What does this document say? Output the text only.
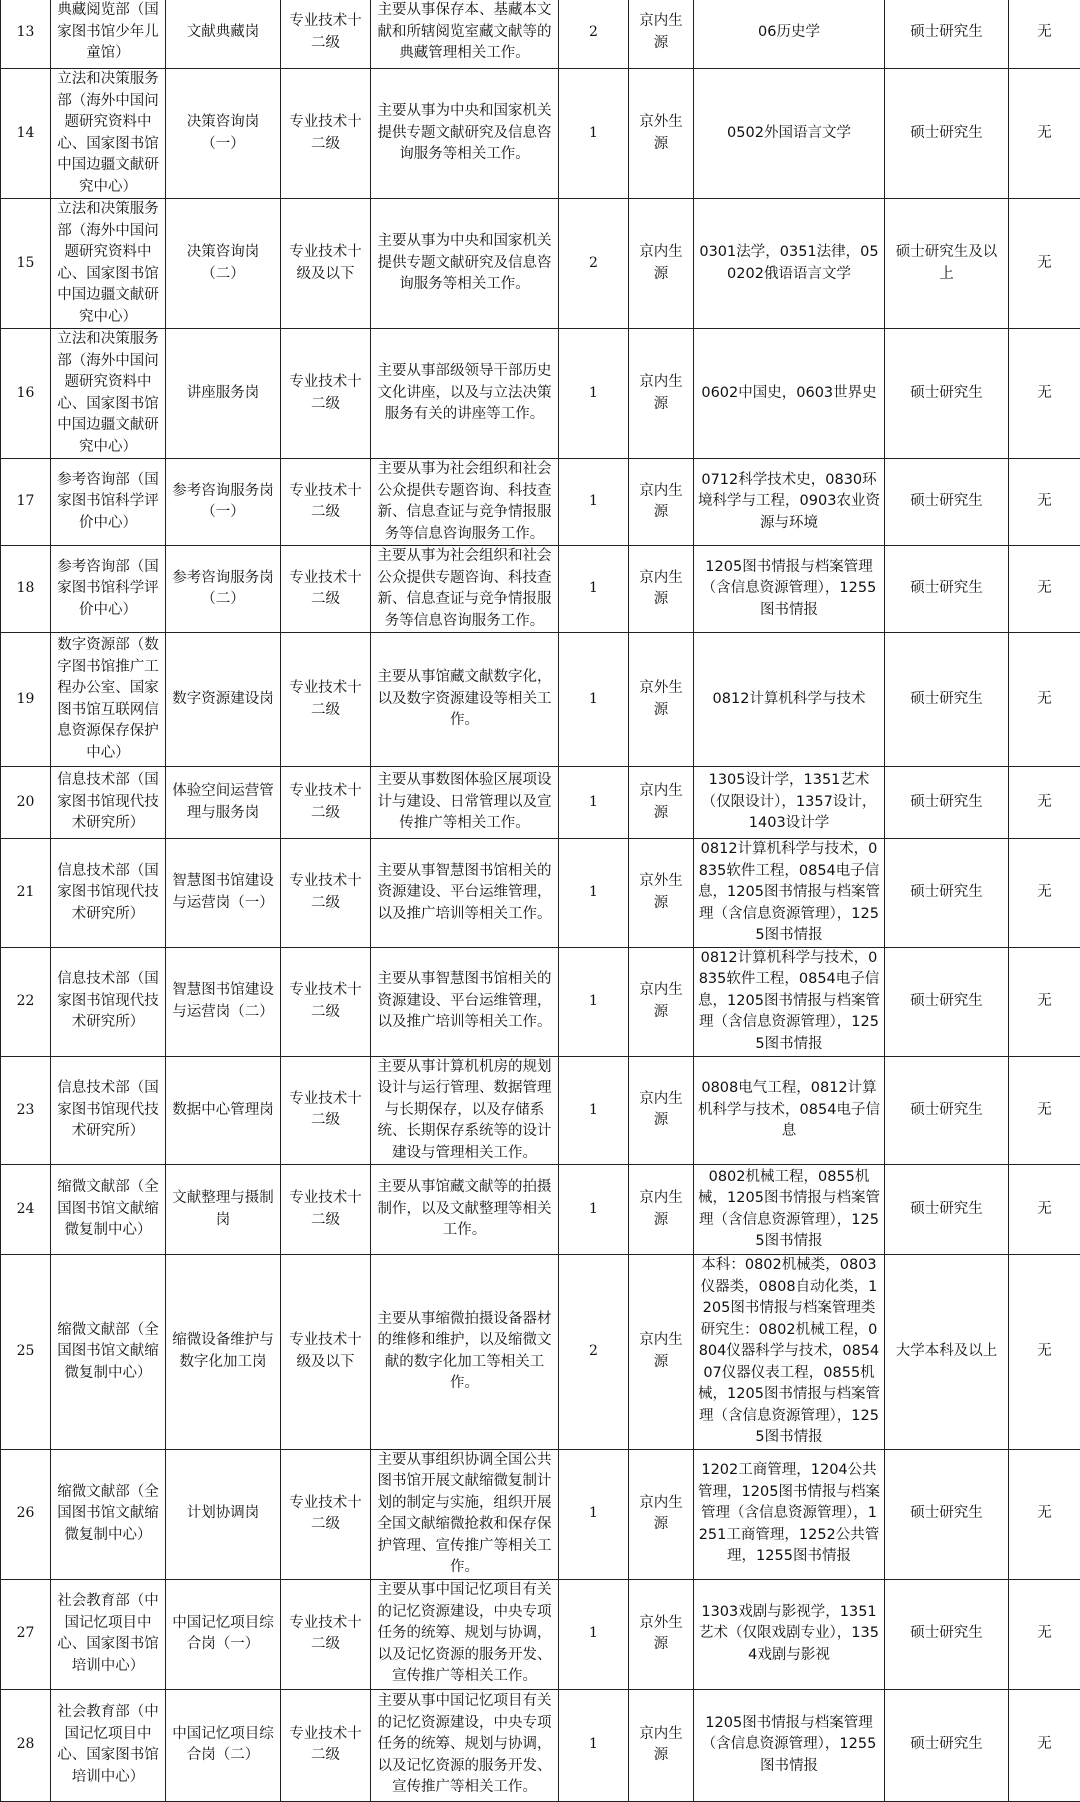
13	典藏阅览部（国家图书馆少年儿童馆）	文献典藏岗	专业技术十二级	主要从事保存本、基藏本文献和所辖阅览室藏文献等的典藏管理相关工作。	2	京内生源	06历史学	硕士研究生	无
14	立法和决策服务部（海外中国问题研究资料中心、国家图书馆中国边疆文献研究中心）	决策咨询岗（一）	专业技术十二级	主要从事为中央和国家机关提供专题文献研究及信息咨询服务等相关工作。	1	京外生源	0502外国语言文学	硕士研究生	无
15	立法和决策服务部（海外中国问题研究资料中心、国家图书馆中国边疆文献研究中心）	决策咨询岗（二）	专业技术十级及以下	主要从事为中央和国家机关提供专题文献研究及信息咨询服务等相关工作。	2	京内生源	0301法学，0351法律，050202俄语语言文学	硕士研究生及以上	无
16	立法和决策服务部（海外中国问题研究资料中心、国家图书馆中国边疆文献研究中心）	讲座服务岗	专业技术十二级	主要从事部级领导干部历史文化讲座，以及与立法决策服务有关的讲座等工作。	1	京内生源	0602中国史，0603世界史	硕士研究生	无
17	参考咨询部（国家图书馆科学评价中心）	参考咨询服务岗（一）	专业技术十二级	主要从事为社会组织和社会公众提供专题咨询、科技查新、信息查证与竞争情报服务等信息咨询服务工作。	1	京内生源	0712科学技术史，0830环境科学与工程，0903农业资源与环境	硕士研究生	无
18	参考咨询部（国家图书馆科学评价中心）	参考咨询服务岗（二）	专业技术十二级	主要从事为社会组织和社会公众提供专题咨询、科技查新、信息查证与竞争情报服务等信息咨询服务工作。	1	京内生源	1205图书情报与档案管理（含信息资源管理），1255图书情报	硕士研究生	无
19	数字资源部（数字图书馆推广工程办公室、国家图书馆互联网信息资源保存保护中心）	数字资源建设岗	专业技术十二级	主要从事馆藏文献数字化，以及数字资源建设等相关工作。	1	京外生源	0812计算机科学与技术	硕士研究生	无
20	信息技术部（国家图书馆现代技术研究所）	体验空间运营管理与服务岗	专业技术十二级	主要从事数图体验区展项设计与建设、日常管理以及宣传推广等相关工作。	1	京内生源	1305设计学，1351艺术（仅限设计），1357设计，1403设计学	硕士研究生	无
21	信息技术部（国家图书馆现代技术研究所）	智慧图书馆建设与运营岗（一）	专业技术十二级	主要从事智慧图书馆相关的资源建设、平台运维管理，以及推广培训等相关工作。	1	京外生源	0812计算机科学与技术，0835软件工程，0854电子信息，1205图书情报与档案管理（含信息资源管理），1255图书情报	硕士研究生	无
22	信息技术部（国家图书馆现代技术研究所）	智慧图书馆建设与运营岗（二）	专业技术十二级	主要从事智慧图书馆相关的资源建设、平台运维管理，以及推广培训等相关工作。	1	京内生源	0812计算机科学与技术，0835软件工程，0854电子信息，1205图书情报与档案管理（含信息资源管理），1255图书情报	硕士研究生	无
23	信息技术部（国家图书馆现代技术研究所）	数据中心管理岗	专业技术十二级	主要从事计算机机房的规划设计与运行管理、数据管理与长期保存，以及存储系统、长期保存系统等的设计建设与管理相关工作。	1	京内生源	0808电气工程，0812计算机科学与技术，0854电子信息	硕士研究生	无
24	缩微文献部（全国图书馆文献缩微复制中心）	文献整理与摄制岗	专业技术十二级	主要从事馆藏文献等的拍摄制作，以及文献整理等相关工作。	1	京内生源	0802机械工程，0855机械，1205图书情报与档案管理（含信息资源管理），1255图书情报	硕士研究生	无
25	缩微文献部（全国图书馆文献缩微复制中心）	缩微设备维护与数字化加工岗	专业技术十级及以下	主要从事缩微拍摄设备器材的维修和维护，以及缩微文献的数字化加工等相关工作。	2	京内生源	本科：0802机械类，0803仪器类，0808自动化类，1205图书情报与档案管理类研究生：0802机械工程，0804仪器科学与技术，085407仪器仪表工程，0855机械，1205图书情报与档案管理（含信息资源管理），1255图书情报	大学本科及以上	无
26	缩微文献部（全国图书馆文献缩微复制中心）	计划协调岗	专业技术十二级	主要从事组织协调全国公共图书馆开展文献缩微复制计划的制定与实施，组织开展全国文献缩微抢救和保存保护管理、宣传推广等相关工作。	1	京内生源	1202工商管理，1204公共管理，1205图书情报与档案管理（含信息资源管理），1251工商管理，1252公共管理，1255图书情报	硕士研究生	无
27	社会教育部（中国记忆项目中心、国家图书馆培训中心）	中国记忆项目综合岗（一）	专业技术十二级	主要从事中国记忆项目有关的记忆资源建设，中央专项任务的统筹、规划与协调，以及记忆资源的服务开发、宣传推广等相关工作。	1	京外生源	1303戏剧与影视学，1351艺术（仅限戏剧专业），1354戏剧与影视	硕士研究生	无
28	社会教育部（中国记忆项目中心、国家图书馆培训中心）	中国记忆项目综合岗（二）	专业技术十二级	主要从事中国记忆项目有关的记忆资源建设，中央专项任务的统筹、规划与协调，以及记忆资源的服务开发、宣传推广等相关工作。	1	京内生源	1205图书情报与档案管理（含信息资源管理），1255图书情报	硕士研究生	无
